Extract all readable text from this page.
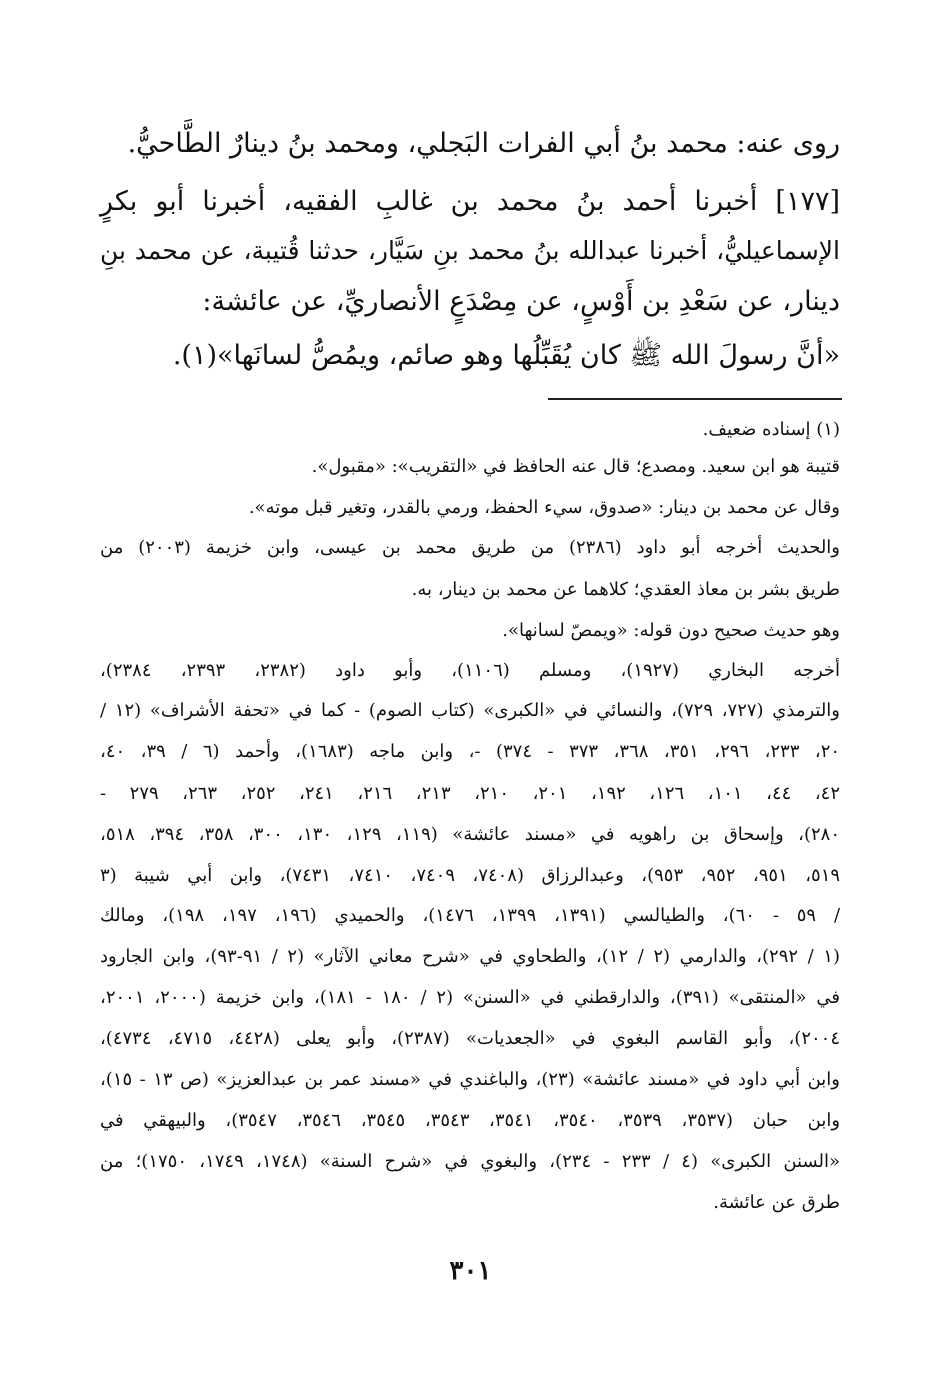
روى عنه: محمد بنُ أبي الفرات البَجلي، ومحمد بنُ دينارٌ الطَّاحيُّ.
[١٧٧] أخبرنا أحمد بنُ محمد بن غالبِ الفقيه، أخبرنا أبو بكرٍ
الإسماعيليُّ، أخبرنا عبدالله بنُ محمد بنِ سَيَّار، حدثنا قُتيبة، عن محمد بنِ
دينار، عن سَعْدِ بن أَوْسٍ، عن مِصْدَعٍ الأنصاريِّ، عن عائشة:
«أنَّ رسولَ الله ﷺ كان يُقَبِّلُها وهو صائم، ويمُصُّ لسانَها»(١).
(١) إسناده ضعيف.
قتيبة هو ابن سعيد. ومصدع؛ قال عنه الحافظ في «التقريب»: «مقبول».
وقال عن محمد بن دينار: «صدوق، سيء الحفظ، ورمي بالقدر، وتغير قبل موته».
والحديث أخرجه أبو داود (٢٣٨٦) من طريق محمد بن عيسى، وابن خزيمة (٢٠٠٣) من
طريق بشر بن معاذ العقدي؛ كلاهما عن محمد بن دينار، به.
وهو حديث صحيح دون قوله: «ويمصّ لسانها».
أخرجه البخاري (١٩٢٧)، ومسلم (١١٠٦)، وأبو داود (٢٣٨٢، ٢٣٩٣، ٢٣٨٤)،
والترمذي (٧٢٧، ٧٢٩)، والنسائي في «الكبرى» (كتاب الصوم) - كما في «تحفة الأشراف» (١٢ /
٢٠، ٢٣٣، ٢٩٦، ٣٥١، ٣٦٨، ٣٧٣ - ٣٧٤) -، وابن ماجه (١٦٨٣)، وأحمد (٦ / ٣٩، ٤٠،
٤٢، ٤٤، ١٠١، ١٢٦، ١٩٢، ٢٠١، ٢١٠، ٢١٣، ٢١٦، ٢٤١، ٢٥٢، ٢٦٣، ٢٧٩ -
٢٨٠)، وإسحاق بن راهويه في «مسند عائشة» (١١٩، ١٢٩، ١٣٠، ٣٠٠، ٣٥٨، ٣٩٤، ٥١٨،
٥١٩، ٩٥١، ٩٥٢، ٩٥٣)، وعبدالرزاق (٧٤٠٨، ٧٤٠٩، ٧٤١٠، ٧٤٣١)، وابن أبي شيبة (٣
/ ٥٩ - ٦٠)، والطيالسي (١٣٩١، ١٣٩٩، ١٤٧٦)، والحميدي (١٩٦، ١٩٧، ١٩٨)، ومالك
(١ / ٢٩٢)، والدارمي (٢ / ١٢)، والطحاوي في «شرح معاني الآثار» (٢ / ٩١-٩٣)، وابن الجارود
في «المنتقى» (٣٩١)، والدارقطني في «السنن» (٢ / ١٨٠ - ١٨١)، وابن خزيمة (٢٠٠٠، ٢٠٠١،
٢٠٠٤)، وأبو القاسم البغوي في «الجعديات» (٢٣٨٧)، وأبو يعلى (٤٤٢٨، ٤٧١٥، ٤٧٣٤)،
وابن أبي داود في «مسند عائشة» (٢٣)، والباغندي في «مسند عمر بن عبدالعزيز» (ص ١٣ - ١٥)،
وابن حبان (٣٥٣٧، ٣٥٣٩، ٣٥٤٠، ٣٥٤١، ٣٥٤٣، ٣٥٤٥، ٣٥٤٦، ٣٥٤٧)، والبيهقي في
«السنن الكبرى» (٤ / ٢٣٣ - ٢٣٤)، والبغوي في «شرح السنة» (١٧٤٨، ١٧٤٩، ١٧٥٠)؛ من
طرق عن عائشة.
٣٠١
